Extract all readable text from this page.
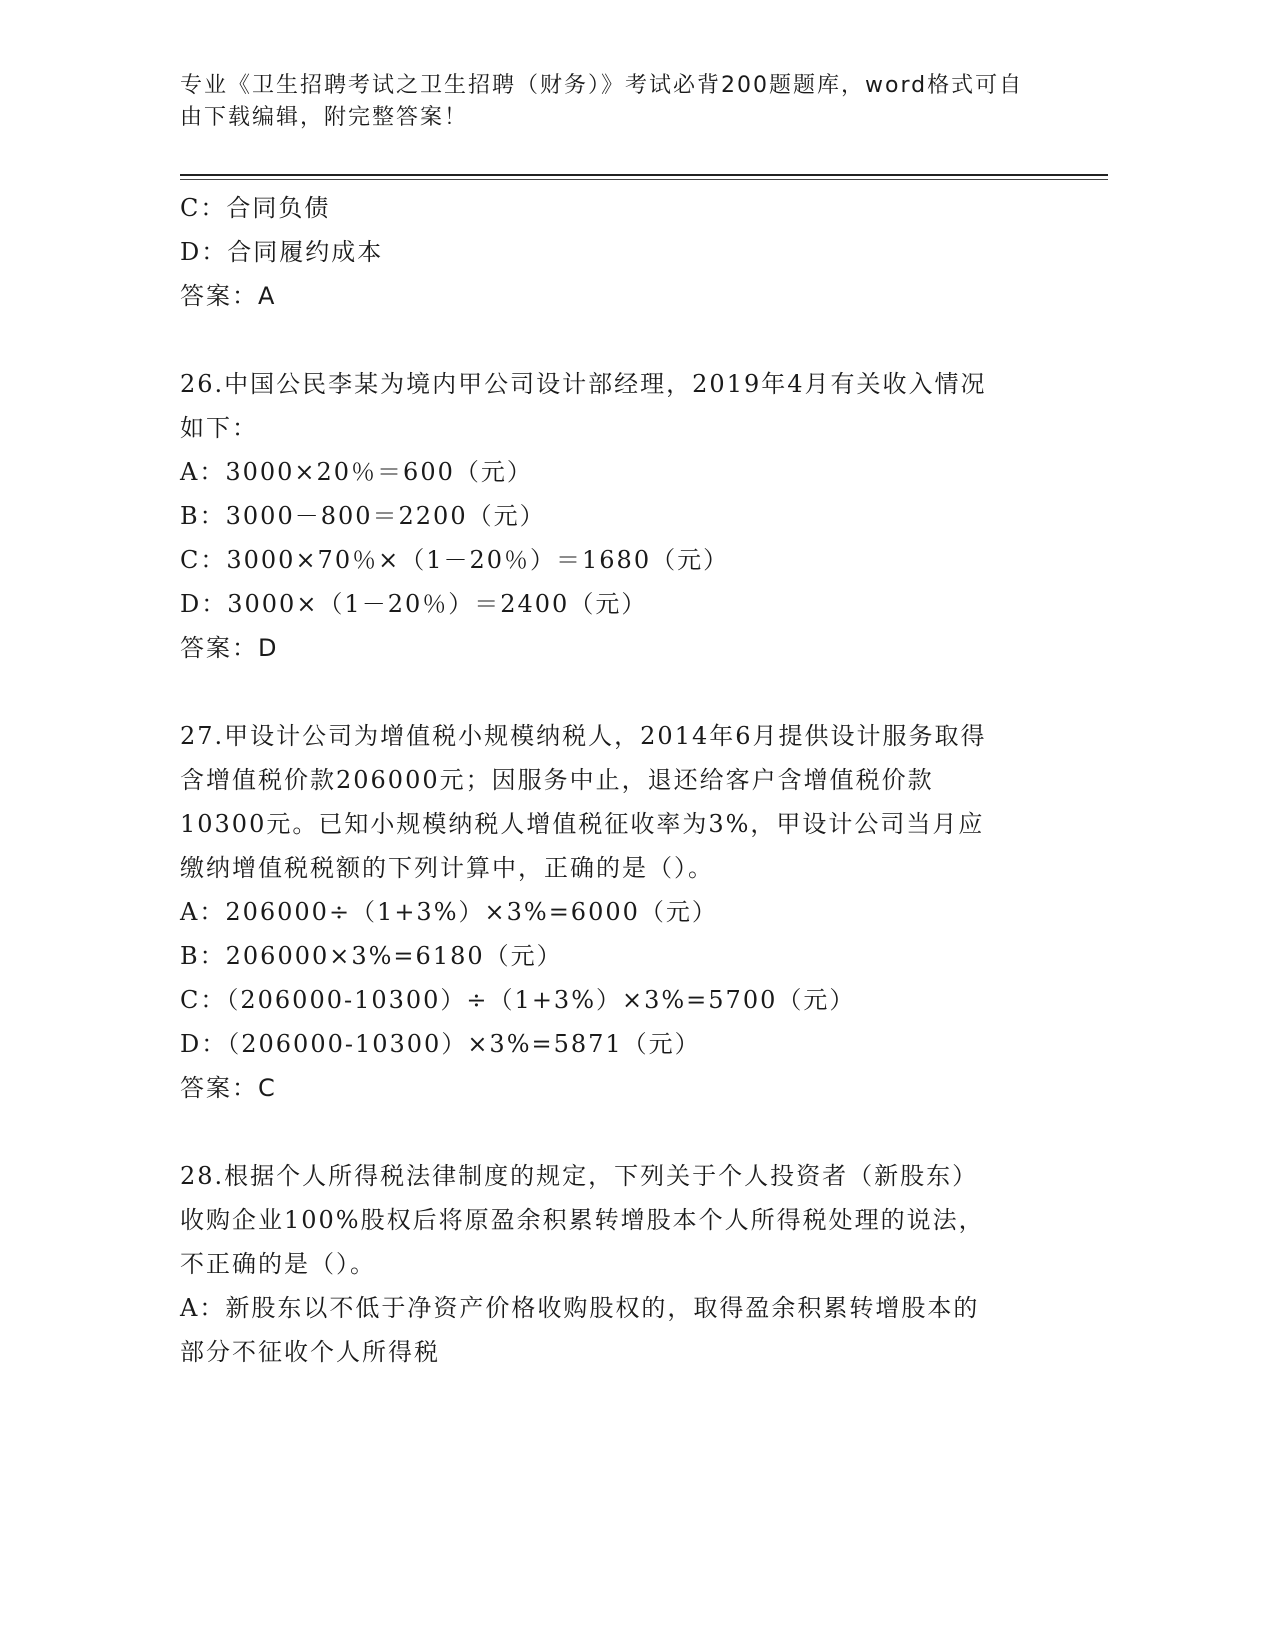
专业《卫生招聘考试之卫生招聘（财务）》考试必背200题题库，word格式可自
由下载编辑，附完整答案！

C：合同负债

D：合同履约成本

答案：A

26.中国公民李某为境内甲公司设计部经理，2019年4月有关收入情况

如下：

A：3000×20％＝600（元）

B：3000－800＝2200（元）

C：3000×70％×（1－20％）＝1680（元）

D：3000×（1－20％）＝2400（元）

答案：D

27.甲设计公司为增值税小规模纳税人，2014年6月提供设计服务取得

含增值税价款206000元；因服务中止，退还给客户含增值税价款

10300元。已知小规模纳税人增值税征收率为3%，甲设计公司当月应

缴纳增值税税额的下列计算中，正确的是（）。

A：206000÷（1+3%）×3%=6000（元）

B：206000×3%=6180（元）

C：（206000-10300）÷（1+3%）×3%=5700（元）

D：（206000-10300）×3%=5871（元）

答案：C

28.根据个人所得税法律制度的规定，下列关于个人投资者（新股东）

收购企业100%股权后将原盈余积累转增股本个人所得税处理的说法，

不正确的是（）。

A：新股东以不低于净资产价格收购股权的，取得盈余积累转增股本的

部分不征收个人所得税
